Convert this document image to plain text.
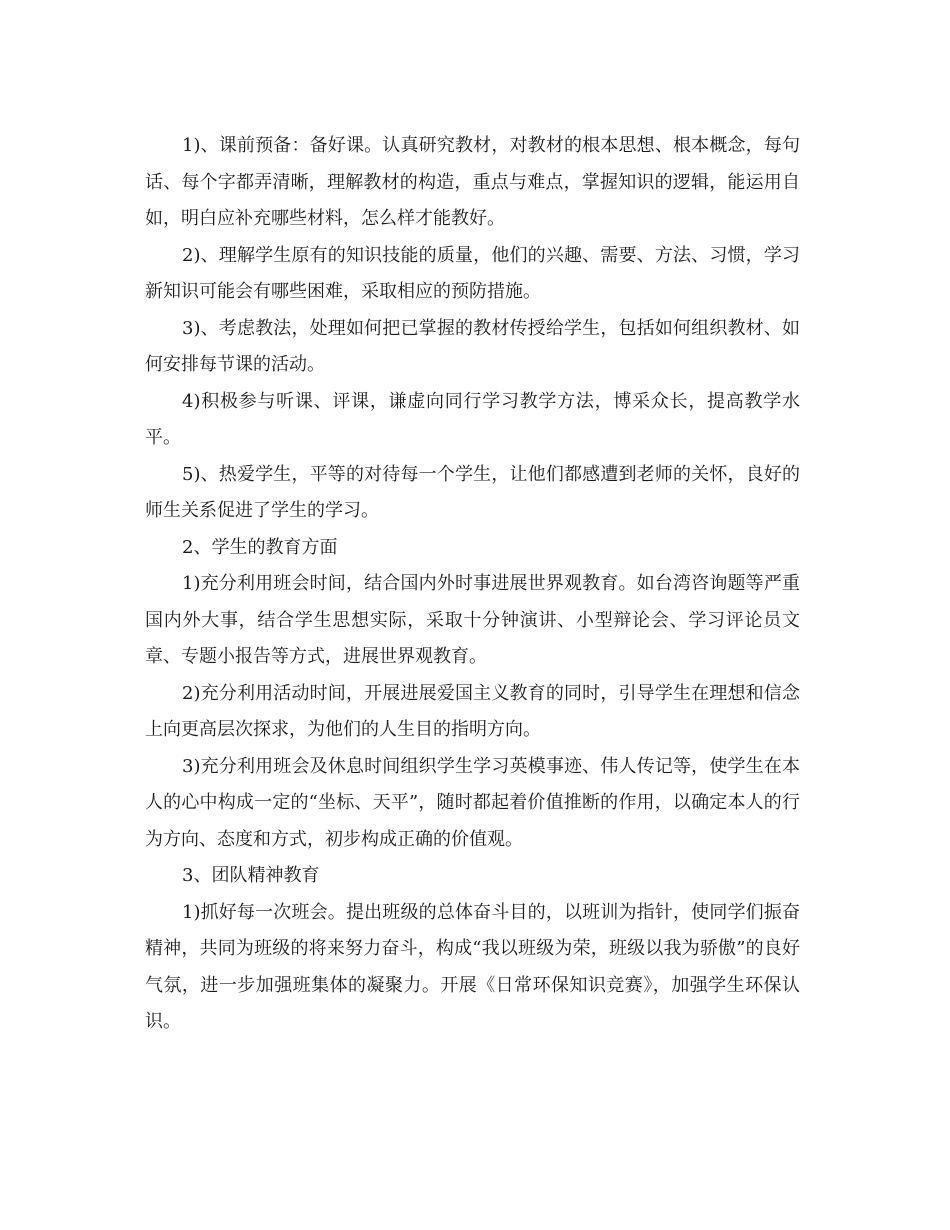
1)、课前预备：备好课。认真研究教材，对教材的根本思想、根本概念，每句话、每个字都弄清晰，理解教材的构造，重点与难点，掌握知识的逻辑，能运用自如，明白应补充哪些材料，怎么样才能教好。

2)、理解学生原有的知识技能的质量，他们的兴趣、需要、方法、习惯，学习新知识可能会有哪些困难，采取相应的预防措施。

3)、考虑教法，处理如何把已掌握的教材传授给学生，包括如何组织教材、如何安排每节课的活动。

4)积极参与听课、评课，谦虚向同行学习教学方法，博采众长，提高教学水平。

5)、热爱学生，平等的对待每一个学生，让他们都感遭到老师的关怀，良好的师生关系促进了学生的学习。

2、学生的教育方面

1)充分利用班会时间，结合国内外时事进展世界观教育。如台湾咨询题等严重国内外大事，结合学生思想实际，采取十分钟演讲、小型辩论会、学习评论员文章、专题小报告等方式，进展世界观教育。

2)充分利用活动时间，开展进展爱国主义教育的同时，引导学生在理想和信念上向更高层次探求，为他们的人生目的指明方向。

3)充分利用班会及休息时间组织学生学习英模事迹、伟人传记等，使学生在本人的心中构成一定的“坐标、天平”，随时都起着价值推断的作用，以确定本人的行为方向、态度和方式，初步构成正确的价值观。

3、团队精神教育

1)抓好每一次班会。提出班级的总体奋斗目的，以班训为指针，使同学们振奋精神，共同为班级的将来努力奋斗，构成“我以班级为荣，班级以我为骄傲”的良好气氛，进一步加强班集体的凝聚力。开展《日常环保知识竞赛》，加强学生环保认识。
